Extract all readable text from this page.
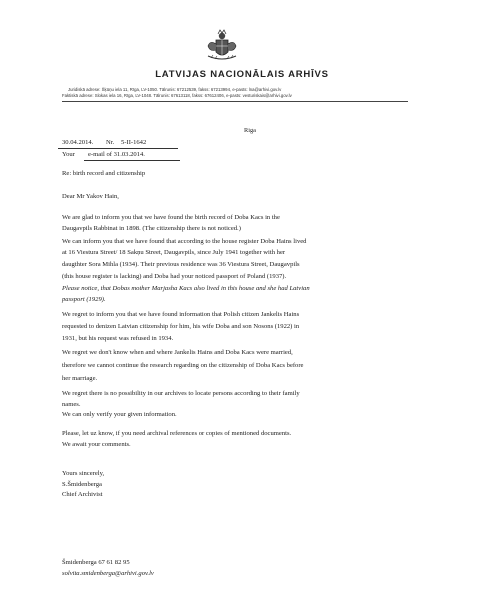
LATVIJAS NACIONĀLAIS ARHĪVS
Juridiskā adrese: Šķūņu iela 11, Rīga, LV-1050. Tālrunis: 67212539, fakss: 67213994, e-pasts: lna@arhivi.gov.lv
Faktiskā adrese: Slokas iela 16, Rīga, LV-1048. Tālrunis: 67613118, fakss: 67612406, e-pasts: vesturiskais@arhivi.gov.lv
Riga
30.04.2014. Nr. 5-II-1642
Your e-mail of 31.03.2014.
Re: birth record and citizenship
Dear Mr Yakov Hain,
We are glad to inform you that we have found the birth record of Doba Kacs in the
Daugavpils Rabbinat in 1898. (The citizenship there is not noticed.)
We can inform you that we have found that according to the house register Doba Hains lived
at 16 Viestura Street/ 18 Sakņu Street, Daugavpils, since July 1941 together with her
daugthter Sora Mihla (1934). Their previous residence was 36 Viestura Street, Daugavpils
(this house register is lacking) and Doba had your noticed passport of Poland (1937).
Please notice, that Dobas mother Marjasha Kacs also lived in this house and she had Latvian
passport (1929).
We regret to inform you that we have found information that Polish citizen Jankelis Hains
requested to denizen Latvian citizenship for him, his wife Doba and son Nosons (1922) in
1931, but his request was refused in 1934.
We regret we don't know when and where Jankelis Hains and Doba Kacs were married,
therefore we cannot continue the research regarding on the citizenship of Doba Kacs before
her marriage.
We regret there is no possibility in our archives to locate persons according to their family
names.
We can only verify your given information.
Please, let uz know, if you need archival references or copies of mentioned documents.
We await your comments.
Yours sincerely,
S.Šmidenberga
Chief Archivist
Šmidenberga 67 61 82 95
solvita.smidenberga@arhivi.gov.lv
